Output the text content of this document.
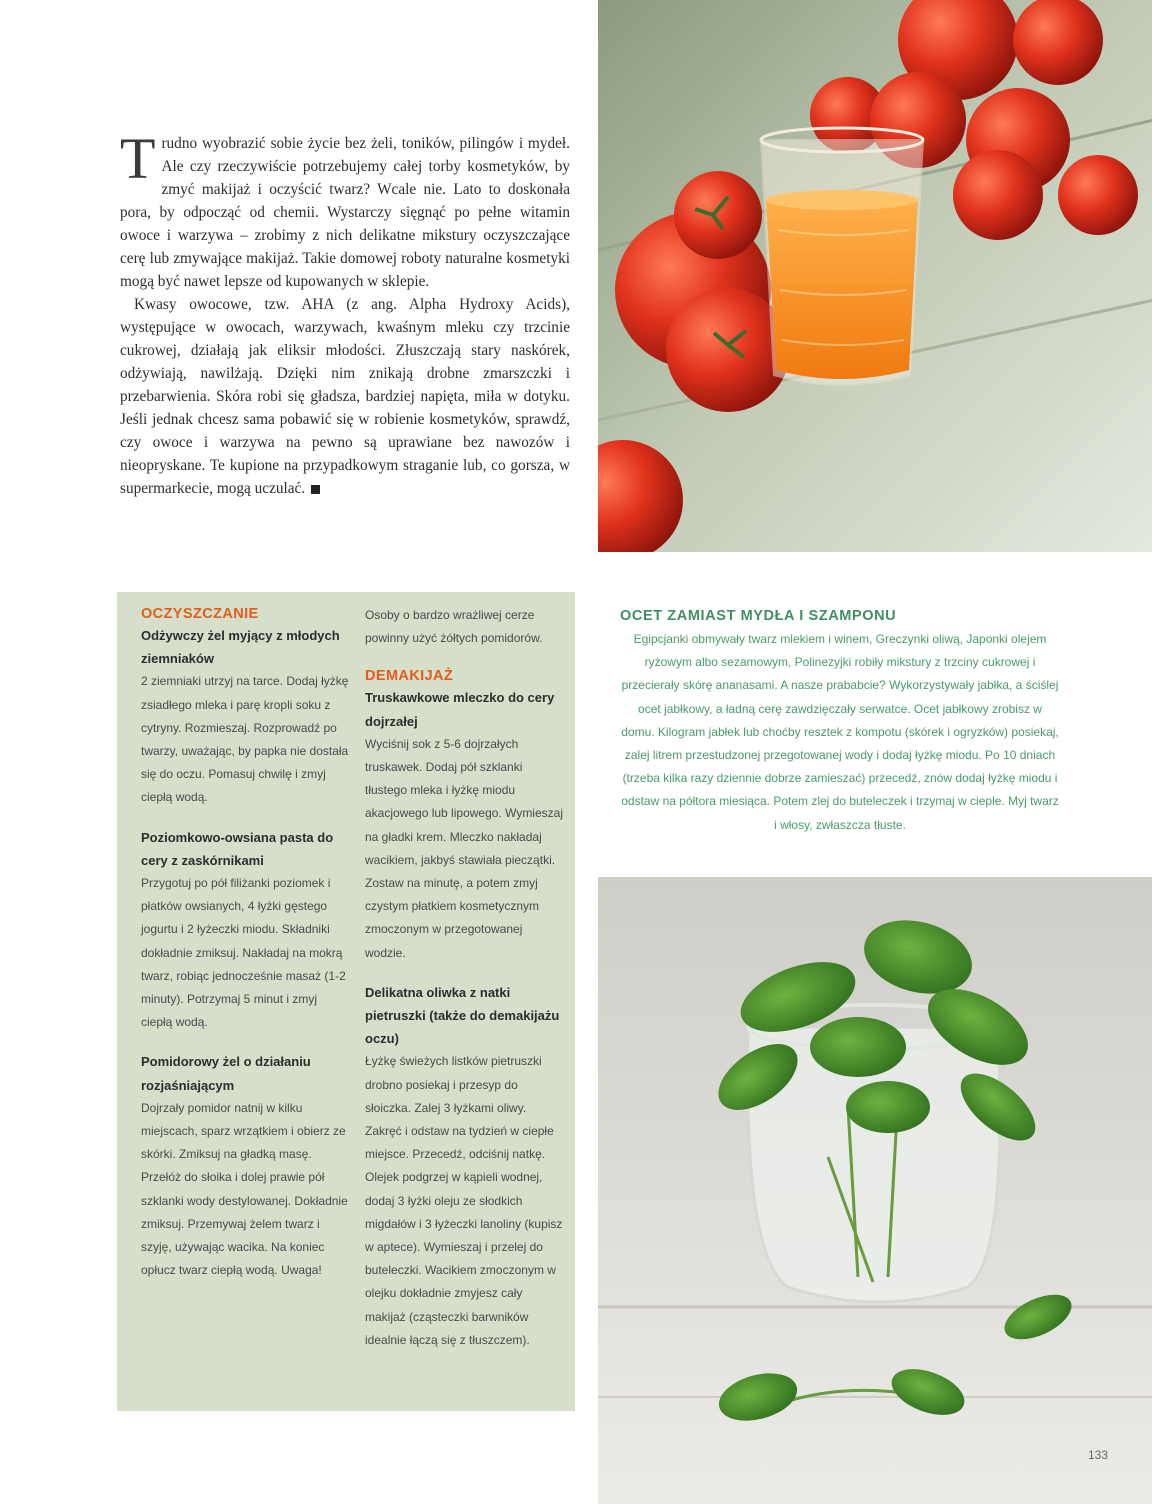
T rudno wyobrazić sobie życie bez żeli, toników, pilingów i mydeł. Ale czy rzeczywiście potrzebujemy całej torby kosmetyków, by zmyć makijaż i oczyścić twarz? Wcale nie. Lato to doskonała pora, by odpocząć od chemii. Wystarczy sięgnąć po pełne witamin owoce i warzywa – zrobimy z nich delikatne mikstury oczyszczające cerę lub zmywające makijaż. Takie domowej roboty naturalne kosmetyki mogą być nawet lepsze od kupowanych w sklepie.

Kwasy owocowe, tzw. AHA (z ang. Alpha Hydroxy Acids), występujące w owocach, warzywach, kwaśnym mleku czy trzcinie cukrowej, działają jak eliksir młodości. Złuszczają stary naskórek, odżywiają, nawilżają. Dzięki nim znikają drobne zmarszczki i przebarwienia. Skóra robi się gładsza, bardziej napięta, miła w dotyku. Jeśli jednak chcesz sama pobawić się w robienie kosmetyków, sprawdź, czy owoce i warzywa na pewno są uprawiane bez nawozów i nieopryskane. Te kupione na przypadkowym straganie lub, co gorsza, w supermarkecie, mogą uczulać.

OCZYSZCZANIE

Odżywczy żel myjący z młodych ziemniaków

2 ziemniaki utrzyj na tarce. Dodaj łyżkę zsiadłego mleka i parę kropli soku z cytryny. Rozmieszaj. Rozprowadź po twarzy, uważając, by papka nie dostała się do oczu. Pomasuj chwilę i zmyj ciepłą wodą.

Poziomkowo-owsiana pasta do cery z zaskórnikami

Przygotuj po pół filiżanki poziomek i płatków owsianych, 4 łyżki gęstego jogurtu i 2 łyżeczki miodu. Składniki dokładnie zmiksuj. Nakładaj na mokrą twarz, robiąc jednocześnie masaż (1-2 minuty). Potrzymaj 5 minut i zmyj ciepłą wodą.

Pomidorowy żel o działaniu rozjaśniającym

Dojrzały pomidor natnij w kilku miejscach, sparz wrzątkiem i obierz ze skórki. Zmiksuj na gładką masę. Przełóż do słoika i dolej prawie pół szklanki wody destylowanej. Dokładnie zmiksuj. Przemywaj żelem twarz i szyję, używając wacika. Na koniec opłucz twarz ciepłą wodą. Uwaga!

Osoby o bardzo wrażliwej cerze powinny użyć żółtych pomidorów.

DEMAKIJAŻ

Truskawkowe mleczko do cery dojrzałej

Wyciśnij sok z 5-6 dojrzałych truskawek. Dodaj pół szklanki tłustego mleka i łyżkę miodu akacjowego lub lipowego. Wymieszaj na gładki krem. Mleczko nakładaj wacikiem, jakbyś stawiała pieczątki. Zostaw na minutę, a potem zmyj czystym płatkiem kosmetycznym zmoczonym w przegotowanej wodzie.

Delikatna oliwka z natki pietruszki (także do demakijażu oczu)

Łyżkę świeżych listków pietruszki drobno posiekaj i przesyp do słoiczka. Zalej 3 łyżkami oliwy. Zakręć i odstaw na tydzień w ciepłe miejsce. Przecedź, odciśnij natkę. Olejek podgrzej w kąpieli wodnej, dodaj 3 łyżki oleju ze słodkich migdałów i 3 łyżeczki lanoliny (kupisz w aptece). Wymieszaj i przelej do buteleczki. Wacikiem zmoczonym w olejku dokładnie zmyjesz cały makijaż (cząsteczki barwników idealnie łączą się z tłuszczem).

OCET ZAMIAST MYDŁA I SZAMPONU

Egipcjanki obmywały twarz mlekiem i winem, Greczynki oliwą, Japonki olejem ryżowym albo sezamowym, Polinezyjki robiły mikstury z trzciny cukrowej i przecierały skórę ananasami. A nasze prababcie? Wykorzystywały jabłka, a ściślej ocet jabłkowy, a ładną cerę zawdzięczały serwatce. Ocet jabłkowy zrobisz w domu. Kilogram jabłek lub choćby resztek z kompotu (skórek i ogryzków) posiekaj, zalej litrem przestudzonej przegotowanej wody i dodaj łyżkę miodu. Po 10 dniach (trzeba kilka razy dziennie dobrze zamieszać) przecedź, znów dodaj łyżkę miodu i odstaw na półtora miesiąca. Potem zlej do buteleczek i trzymaj w cieple. Myj twarz i włosy, zwłaszcza tłuste.

133
